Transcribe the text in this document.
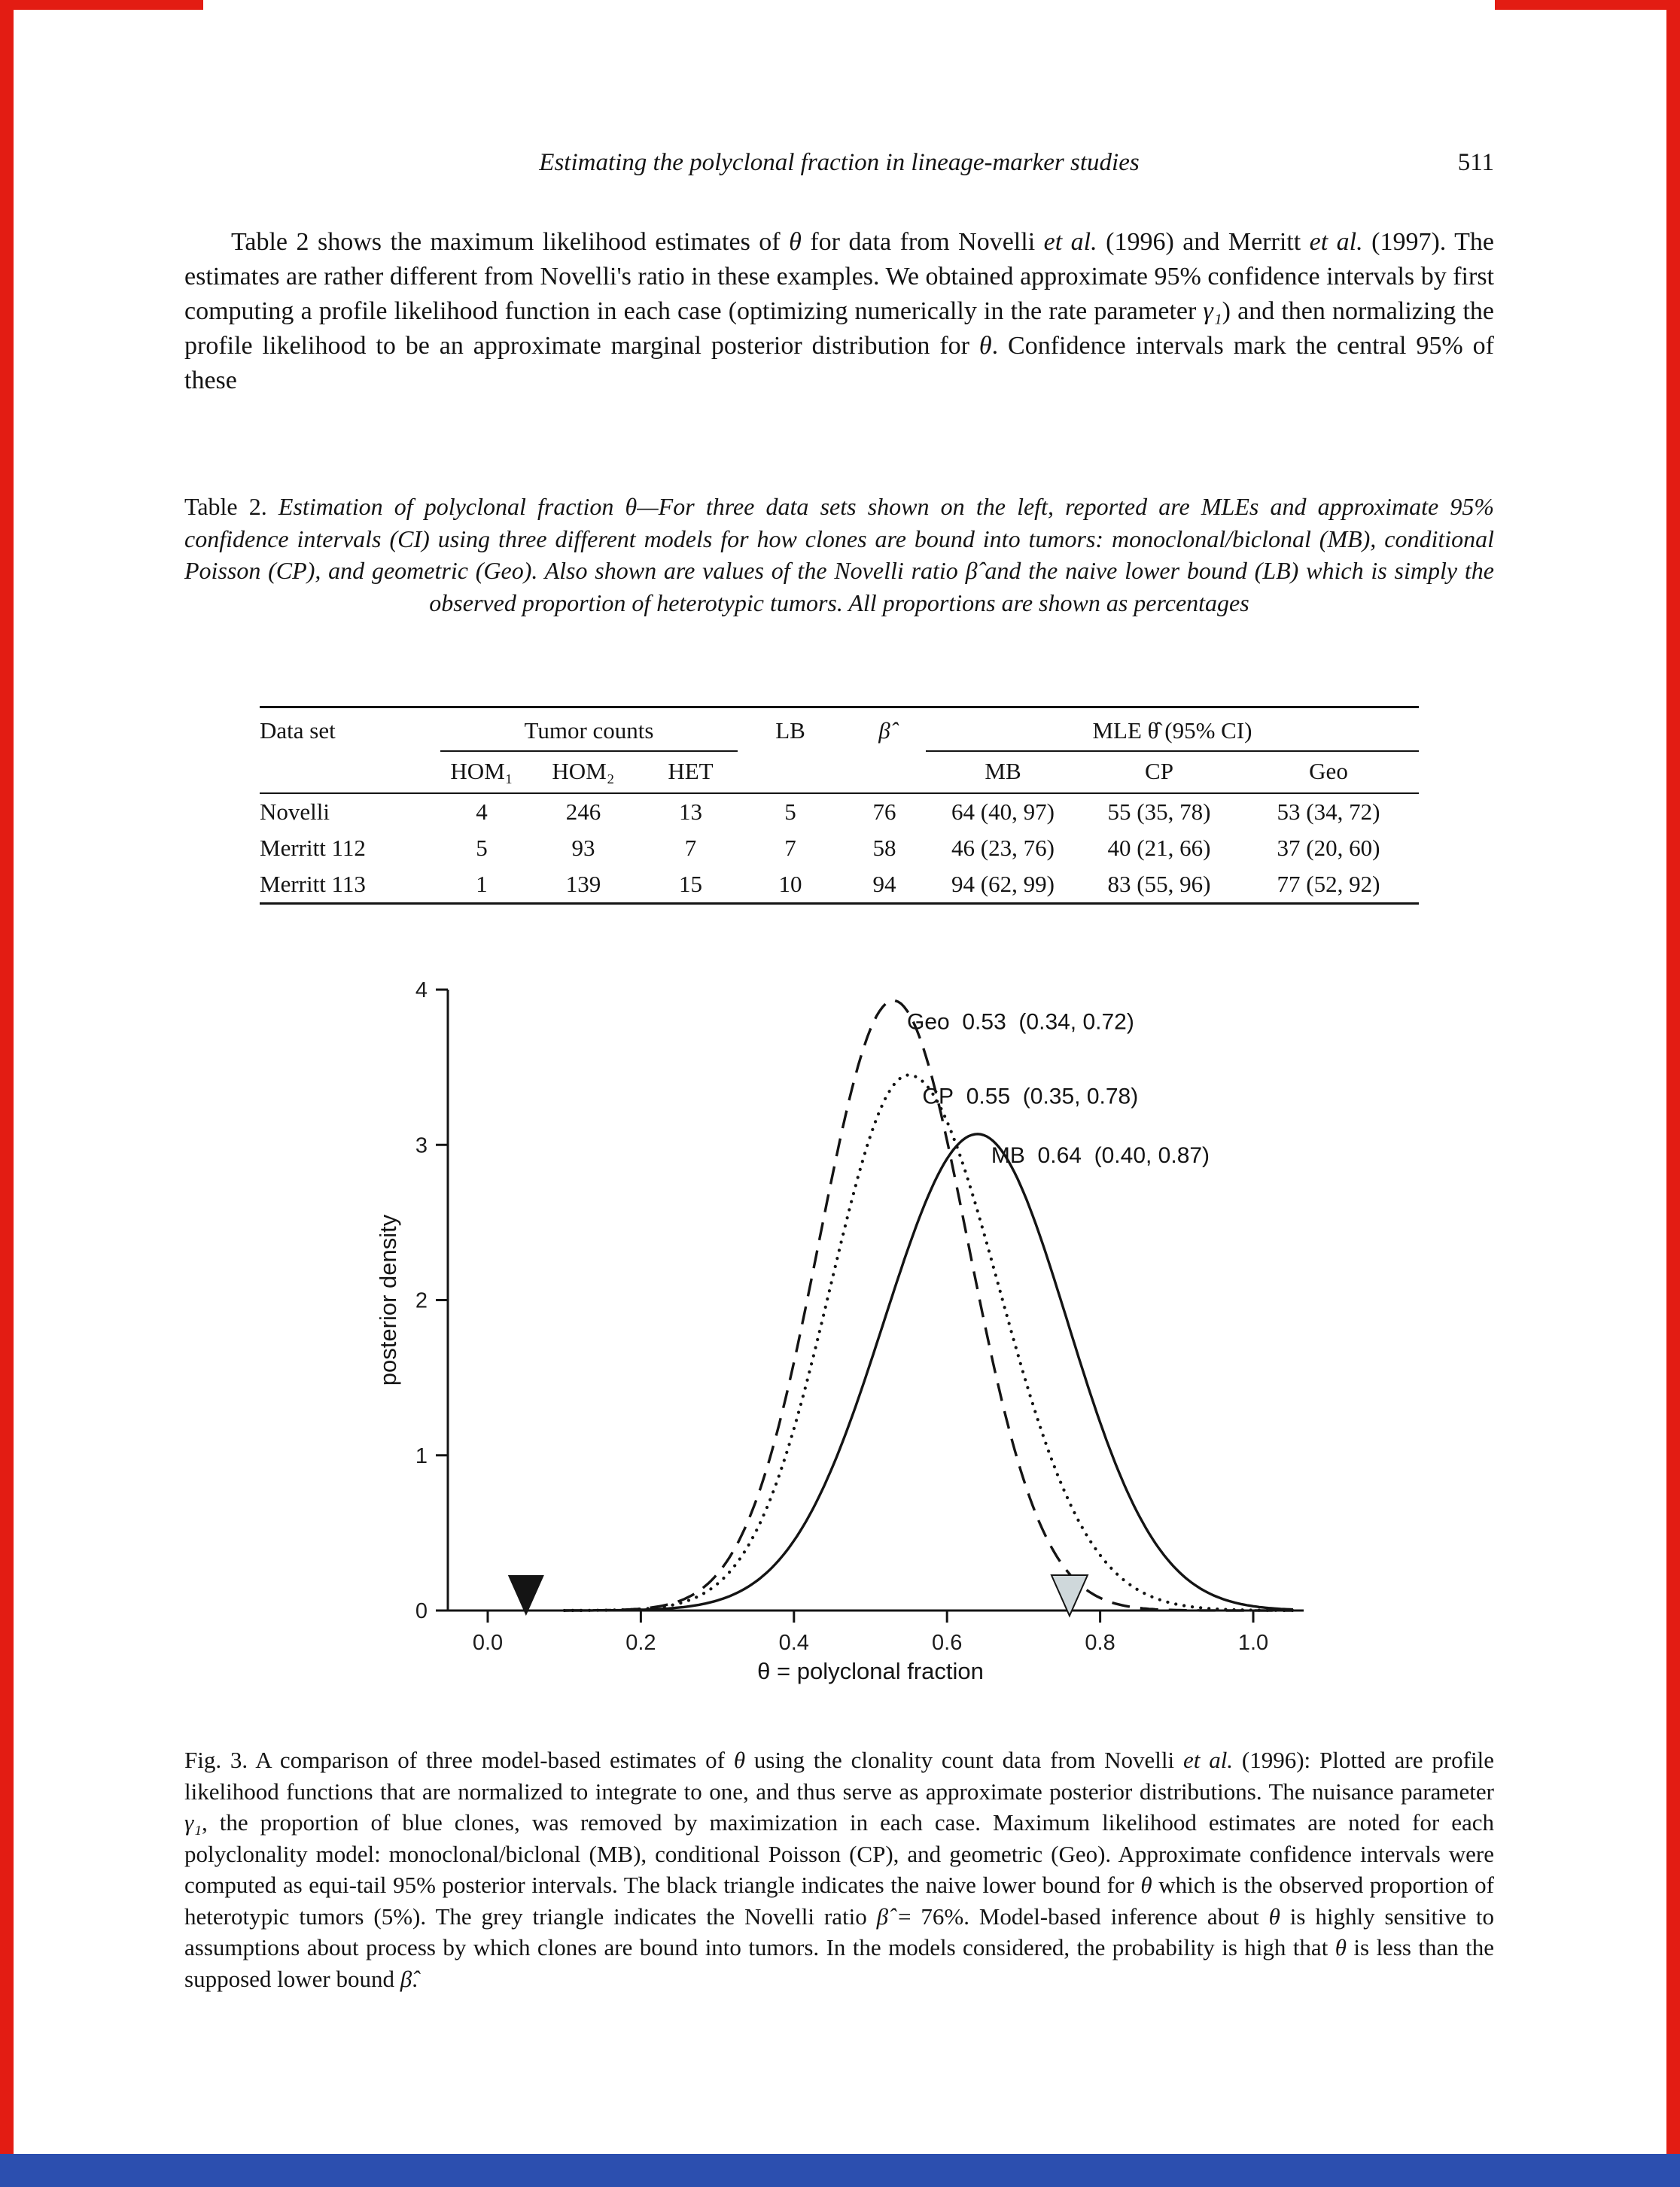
Estimating the polyclonal fraction in lineage-marker studies	511

Table 2 shows the maximum likelihood estimates of θ for data from Novelli et al. (1996) and Merritt et al. (1997). The estimates are rather different from Novelli's ratio in these examples. We obtained approximate 95% confidence intervals by first computing a profile likelihood function in each case (optimizing numerically in the rate parameter γ₁) and then normalizing the profile likelihood to be an approximate marginal posterior distribution for θ. Confidence intervals mark the central 95% of these

Table 2. Estimation of polyclonal fraction θ—For three data sets shown on the left, reported are MLEs and approximate 95% confidence intervals (CI) using three different models for how clones are bound into tumors: monoclonal/biclonal (MB), conditional Poisson (CP), and geometric (Geo). Also shown are values of the Novelli ratio β̂ and the naive lower bound (LB) which is simply the observed proportion of heterotypic tumors. All proportions are shown as percentages
Data set	Tumor counts			LB	β̂	MLE θ̂ (95% CI)		
	HOM₁	HOM₂	HET			MB	CP	Geo
Novelli	4	246	13	5	76	64 (40, 97)	55 (35, 78)	53 (34, 72)
Merritt 112	5	93	7	7	58	46 (23, 76)	40 (21, 66)	37 (20, 60)
Merritt 113	1	139	15	10	94	94 (62, 99)	83 (55, 96)	77 (52, 92)
0.0	0.2	0.4	0.6	0.8	1.0
0
1
2
3
4
θ = polyclonal fraction
posterior density
Geo  0.53  (0.34, 0.72)
CP  0.55  (0.35, 0.78)
MB  0.64  (0.40, 0.87)
Fig. 3. A comparison of three model-based estimates of θ using the clonality count data from Novelli et al. (1996): Plotted are profile likelihood functions that are normalized to integrate to one, and thus serve as approximate posterior distributions. The nuisance parameter γ₁, the proportion of blue clones, was removed by maximization in each case. Maximum likelihood estimates are noted for each polyclonality model: monoclonal/biclonal (MB), conditional Poisson (CP), and geometric (Geo). Approximate confidence intervals were computed as equi-tail 95% posterior intervals. The black triangle indicates the naive lower bound for θ which is the observed proportion of heterotypic tumors (5%). The grey triangle indicates the Novelli ratio β̂ = 76%. Model-based inference about θ is highly sensitive to assumptions about process by which clones are bound into tumors. In the models considered, the probability is high that θ is less than the supposed lower bound β̂.
